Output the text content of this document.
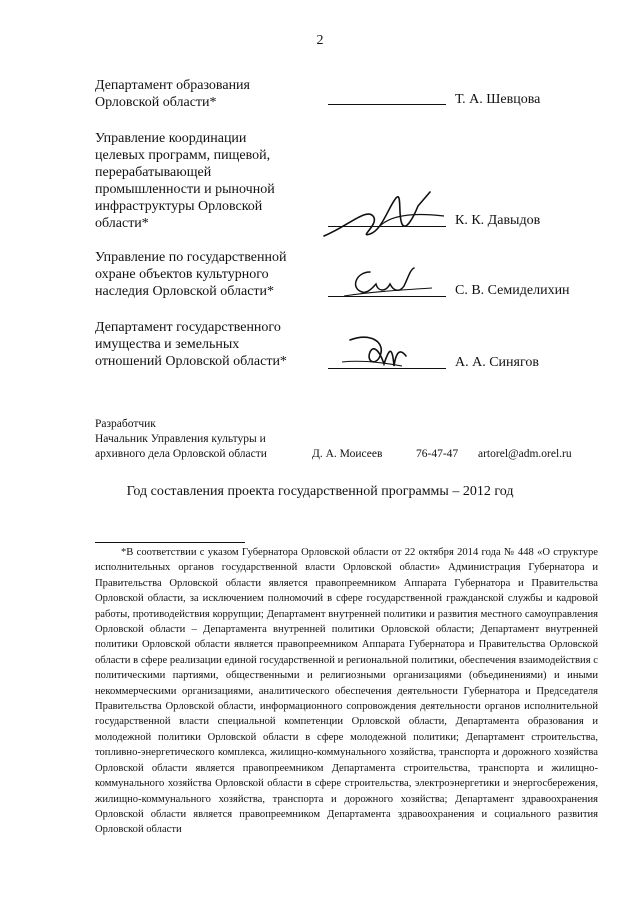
2
Департамент образования
Орловской области*	Т. А. Шевцова
Управление координации
целевых программ, пищевой,
перерабатывающей
промышленности и рыночной
инфраструктуры Орловской
области*	К. К. Давыдов
Управление по государственной
охране объектов культурного
наследия Орловской области*	С. В. Семиделихин
Департамент государственного
имущества и земельных
отношений Орловской области*	А. А. Синягов
Разработчик
Начальник Управления культуры и
архивного дела Орловской области	Д. А. Моисеев	76-47-47 artorel@adm.orel.ru
Год составления проекта государственной программы – 2012 год
*В соответствии с указом Губернатора Орловской области от 22 октября 2014 года № 448 «О структуре исполнительных органов государственной власти Орловской области» Администрация Губернатора и Правительства Орловской области является правопреемником Аппарата Губернатора и Правительства Орловской области, за исключением полномочий в сфере государственной гражданской службы и кадровой работы, противодействия коррупции; Департамент внутренней политики и развития местного самоуправления Орловской области – Департамента внутренней политики Орловской области; Департамент внутренней политики Орловской области является правопреемником Аппарата Губернатора и Правительства Орловской области в сфере реализации единой государственной и региональной политики, обеспечения взаимодействия с политическими партиями, общественными и религиозными организациями (объединениями) и иными некоммерческими организациями, аналитического обеспечения деятельности Губернатора и Председателя Правительства Орловской области, информационного сопровождения деятельности органов исполнительной государственной власти специальной компетенции Орловской области, Департамента образования и молодежной политики Орловской области в сфере молодежной политики; Департамент строительства, топливно-энергетического комплекса, жилищно-коммунального хозяйства, транспорта и дорожного хозяйства Орловской области является правопреемником Департамента строительства, транспорта и жилищно-коммунального хозяйства Орловской области в сфере строительства, электроэнергетики и энергосбережения, жилищно-коммунального хозяйства, транспорта и дорожного хозяйства; Департамент здравоохранения Орловской области является правопреемником Департамента здравоохранения и социального развития Орловской области
